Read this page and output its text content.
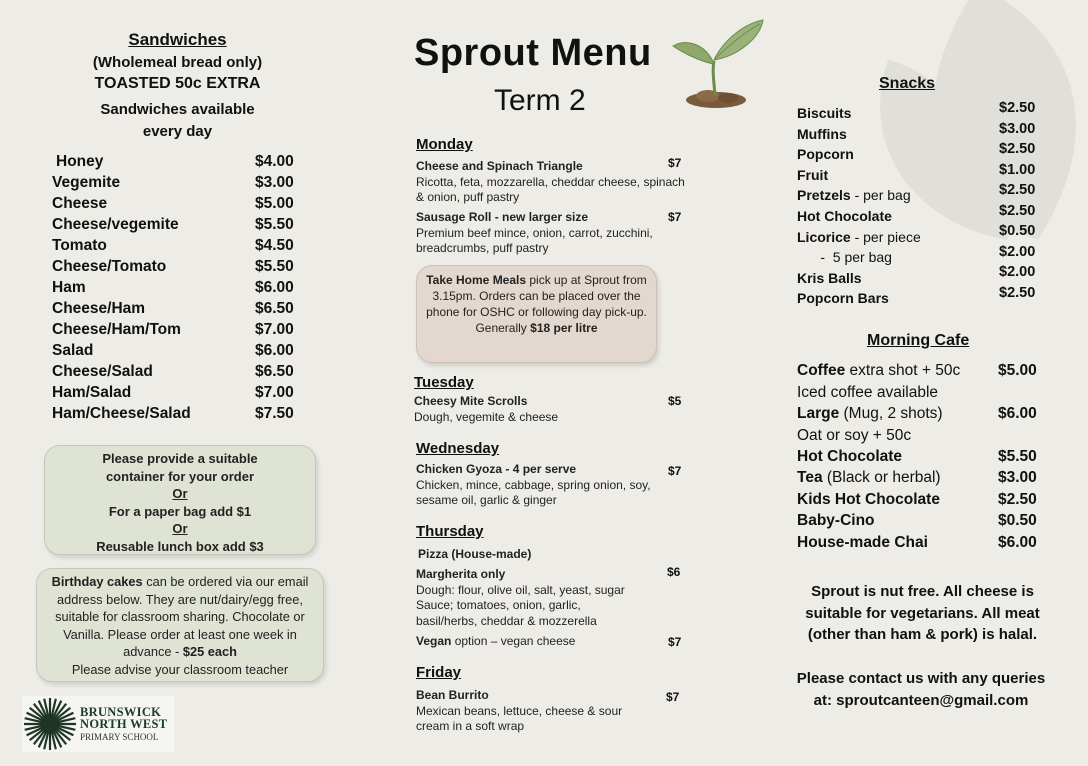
Sandwiches
(Wholemeal bread only)
TOASTED 50c EXTRA
Sandwiches available every day
Honey	$4.00
Vegemite	$3.00
Cheese	$5.00
Cheese/vegemite	$5.50
Tomato	$4.50
Cheese/Tomato	$5.50
Ham	$6.00
Cheese/Ham	$6.50
Cheese/Ham/Tom	$7.00
Salad	$6.00
Cheese/Salad	$6.50
Ham/Salad	$7.00
Ham/Cheese/Salad	$7.50
Please provide a suitable
container for your order
Or
For a paper bag add $1
Or
Reusable lunch box add $3
Birthday cakes can be ordered via our email address below. They are nut/dairy/egg free, suitable for classroom sharing. Chocolate or Vanilla. Please order at least one week in advance - $25 each
Please advise your classroom teacher
BRUNSWICK
NORTH WEST
PRIMARY SCHOOL
Sprout Menu
Term 2
Monday
Cheese and Spinach Triangle
Ricotta, feta, mozzarella, cheddar cheese, spinach & onion, puff pastry
$7
Sausage Roll - new larger size
Premium beef mince, onion, carrot, zucchini, breadcrumbs, puff pastry
$7
Take Home Meals pick up at Sprout from 3.15pm. Orders can be placed over the phone for OSHC or following day pick-up.
Generally $18 per litre
Tuesday
Cheesy Mite Scrolls
Dough, vegemite & cheese
$5
Wednesday
Chicken Gyoza - 4 per serve
Chicken, mince, cabbage, spring onion, soy, sesame oil, garlic & ginger
$7
Thursday
Pizza (House-made)
Margherita only
Dough: flour, olive oil, salt, yeast, sugar Sauce; tomatoes, onion, garlic, basil/herbs, cheddar & mozzerella
$6
Vegan option – vegan cheese	$7
Friday
Bean Burrito
Mexican beans, lettuce, cheese & sour cream in a soft wrap
$7
Snacks
Biscuits	$2.50
Muffins	$3.00
Popcorn	$2.50
Fruit	$1.00
Pretzels - per bag	$2.50
Hot Chocolate	$2.50
Licorice - per piece	$0.50
-  5 per bag	$2.00
Kris Balls	$2.00
Popcorn Bars	$2.50
Morning Cafe
Coffee extra shot + 50c $5.00
Iced coffee available
Large (Mug, 2 shots)	$6.00
Oat or soy + 50c
Hot Chocolate	$5.50
Tea (Black or herbal)	$3.00
Kids Hot Chocolate	$2.50
Baby-Cino	$0.50
House-made Chai	$6.00
Sprout is nut free. All cheese is suitable for vegetarians. All meat (other than ham & pork) is halal.
Please contact us with any queries at: sproutcanteen@gmail.com
